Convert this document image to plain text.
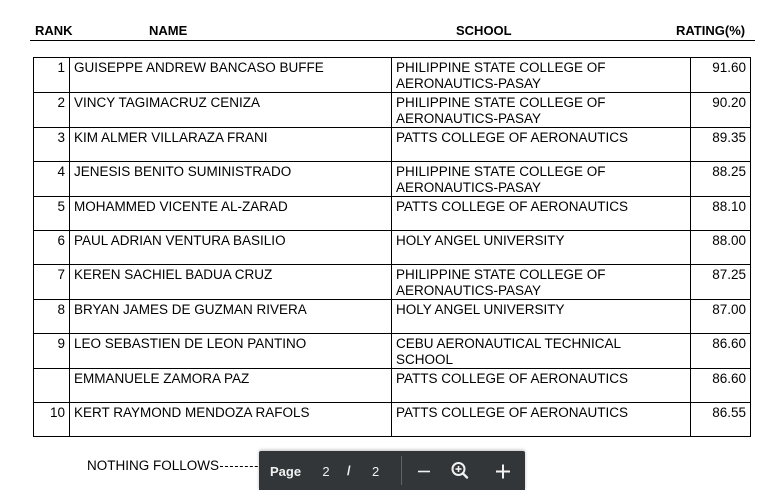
RANK	NAME	SCHOOL	RATING(%)
1	GUISEPPE ANDREW BANCASO BUFFE	PHILIPPINE STATE COLLEGE OF
AERONAUTICS-PASAY	91.60
2	VINCY TAGIMACRUZ CENIZA	PHILIPPINE STATE COLLEGE OF
AERONAUTICS-PASAY	90.20
3	KIM ALMER VILLARAZA FRANI	PATTS COLLEGE OF AERONAUTICS	89.35
4	JENESIS BENITO SUMINISTRADO	PHILIPPINE STATE COLLEGE OF
AERONAUTICS-PASAY	88.25
5	MOHAMMED VICENTE AL-ZARAD	PATTS COLLEGE OF AERONAUTICS	88.10
6	PAUL ADRIAN VENTURA BASILIO	HOLY ANGEL UNIVERSITY	88.00
7	KEREN SACHIEL BADUA CRUZ	PHILIPPINE STATE COLLEGE OF
AERONAUTICS-PASAY	87.25
8	BRYAN JAMES DE GUZMAN RIVERA	HOLY ANGEL UNIVERSITY	87.00
9	LEO SEBASTIEN DE LEON PANTINO	CEBU AERONAUTICAL TECHNICAL
SCHOOL	86.60
	EMMANUELE ZAMORA PAZ	PATTS COLLEGE OF AERONAUTICS	86.60
10	KERT RAYMOND MENDOZA RAFOLS	PATTS COLLEGE OF AERONAUTICS	86.55
NOTHING FOLLOWS	Page 2 / 2
